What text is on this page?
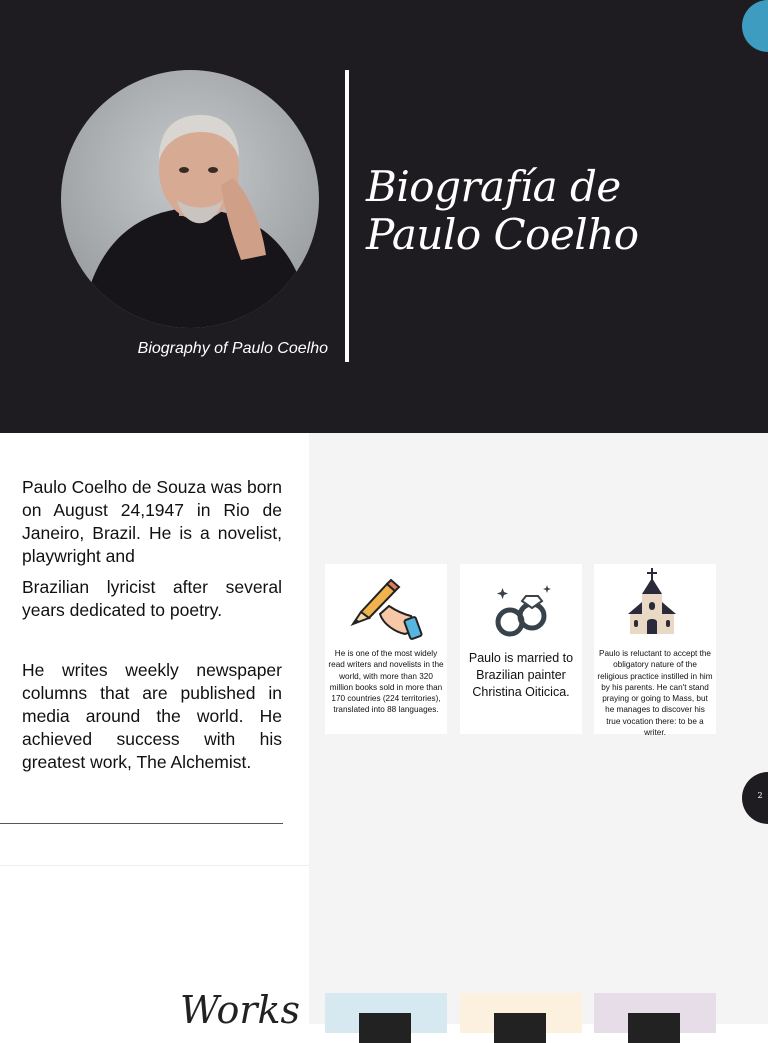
Biografía de
Paulo Coelho
Biography of Paulo Coelho
Paulo Coelho de Souza was born on August 24,1947 in Rio de Janeiro, Brazil. He is a novelist, playwright and
Brazilian lyricist after several years dedicated to poetry.
He writes weekly newspaper columns that are published in media around the world. He achieved success with his greatest work, The Alchemist.
Works
He is one of the most widely read writers and novelists in the world, with more than 320 million books sold in more than 170 countries (224 territories), translated into 88 languages.
Paulo is married to Brazilian painter Christina Oiticica.
Paulo is reluctant to accept the obligatory nature of the religious practice instilled in him by his parents. He can't stand praying or going to Mass, but he manages to discover his true vocation there: to be a writer.
2
